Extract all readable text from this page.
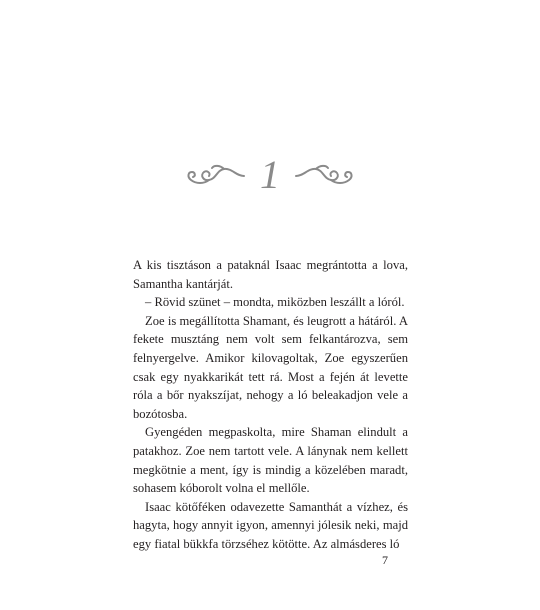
1

A kis tisztáson a pataknál Isaac megrántotta a lova, Samantha kantárját.

– Rövid szünet – mondta, miközben leszállt a lóról.

Zoe is megállította Shamant, és leugrott a hátáról. A fekete musztáng nem volt sem felkantározva, sem felnyergelve. Amikor kilovagoltak, Zoe egyszerűen csak egy nyakkarikát tett rá. Most a fején át levette róla a bőr nyakszíjat, nehogy a ló beleakadjon vele a bozótosba.

Gyengéden megpaskolta, mire Shaman elindult a patakhoz. Zoe nem tartott vele. A lánynak nem kellett megkötnie a ment, így is mindig a közelében maradt, sohasem kóborolt volna el mellőle.

Isaac kötőféken odavezette Samanthát a vízhez, és hagyta, hogy annyit igyon, amennyi jólesik neki, majd egy fiatal bükkfa törzséhez kötötte. Az almásderes ló

7
